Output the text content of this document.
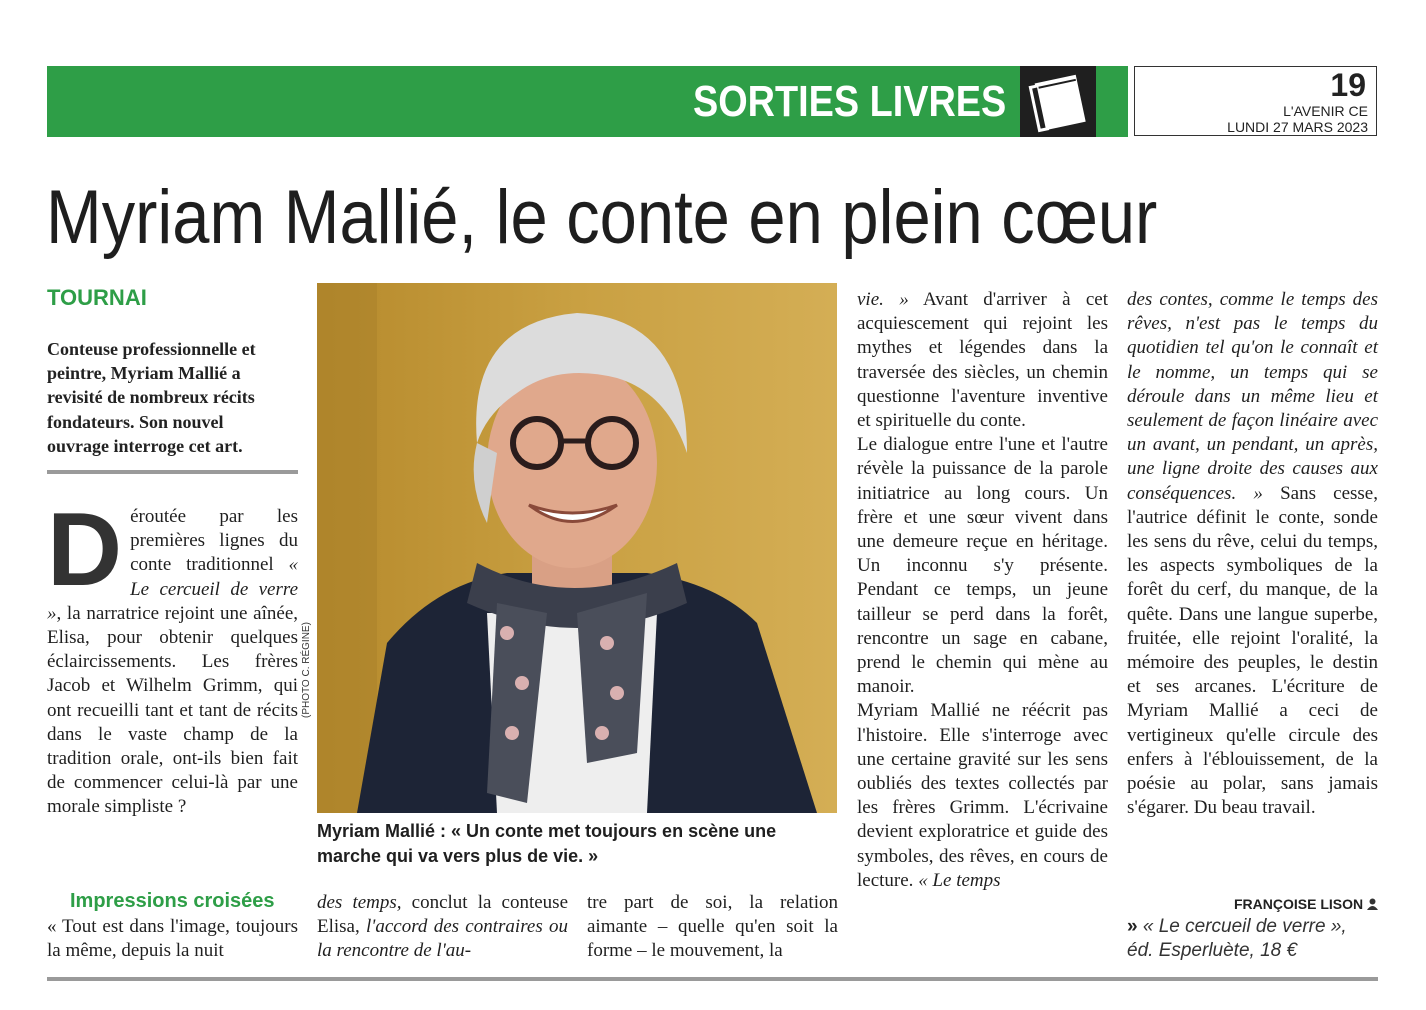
SORTIES LIVRES	19
L'AVENIR CE
LUNDI 27 MARS 2023
Myriam Mallié, le conte en plein cœur
TOURNAI
Conteuse professionnelle et peintre, Myriam Mallié a revisité de nombreux récits fondateurs. Son nouvel ouvrage interroge cet art.
D éroutée par les premières lignes du conte traditionnel « Le cercueil de verre », la narratrice rejoint une aînée, Elisa, pour obtenir quelques éclaircissements. Les frères Jacob et Wilhelm Grimm, qui ont recueilli tant et tant de récits dans le vaste champ de la tradition orale, ont-ils bien fait de commencer celui-là par une morale simpliste ?
Impressions croisées
« Tout est dans l'image, toujours la même, depuis la nuit
(PHOTO C. RÉGINE)
Myriam Mallié : « Un conte met toujours en scène une marche qui va vers plus de vie. »
des temps, conclut la conteuse Elisa, l'accord des contraires ou la rencontre de l'au-
tre part de soi, la relation aimante – quelle qu'en soit la forme – le mouvement, la

vie. » Avant d'arriver à cet acquiescement qui rejoint les mythes et légendes dans la traversée des siècles, un chemin questionne l'aventure inventive et spirituelle du conte.

Le dialogue entre l'une et l'autre révèle la puissance de la parole initiatrice au long cours. Un frère et une sœur vivent dans une demeure reçue en héritage. Un inconnu s'y présente. Pendant ce temps, un jeune tailleur se perd dans la forêt, rencontre un sage en cabane, prend le chemin qui mène au manoir.

Myriam Mallié ne réécrit pas l'histoire. Elle s'interroge avec une certaine gravité sur les sens oubliés des textes collectés par les frères Grimm. L'écrivaine devient exploratrice et guide des symboles, des rêves, en cours de lecture. « Le temps

des contes, comme le temps des rêves, n'est pas le temps du quotidien tel qu'on le connaît et le nomme, un temps qui se déroule dans un même lieu et seulement de façon linéaire avec un avant, un pendant, un après, une ligne droite des causes aux conséquences. » Sans cesse, l'autrice définit le conte, sonde les sens du rêve, celui du temps, les aspects symboliques de la forêt du cerf, du manque, de la quête. Dans une langue superbe, fruitée, elle rejoint l'oralité, la mémoire des peuples, le destin et ses arcanes. L'écriture de Myriam Mallié a ceci de vertigineux qu'elle circule des enfers à l'éblouissement, de la poésie au polar, sans jamais s'égarer. Du beau travail.
FRANÇOISE LISON
» « Le cercueil de verre », éd. Esperluète, 18 €
